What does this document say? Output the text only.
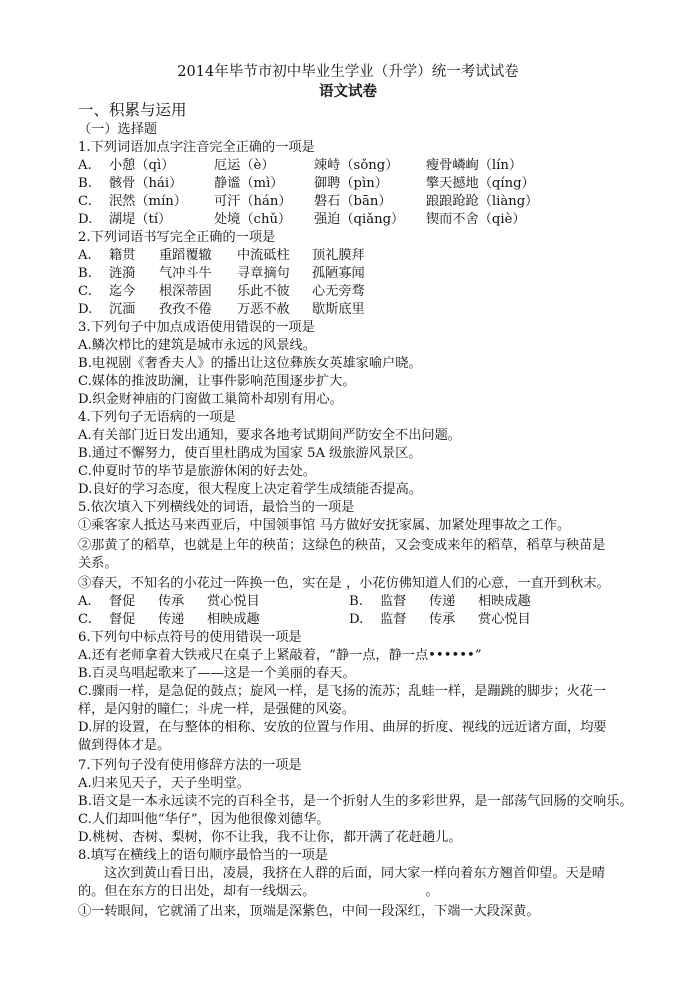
2014年毕节市初中毕业生学业（升学）统一考试试卷
语文试卷
一、积累与运用
（一）选择题
1.下列词语加点字注音完全正确的一项是
A.	小憩（qì）	厄运（è）	竦峙（sǒng）	瘦骨嶙峋（lín）
B.	骸骨（hái）	静谧（mì）	御聘（pìn）	擎天撼地（qíng）
C.	泯然（mín）	可汗（hán）	磐石（bān）	踉踉跄跄（liàng）
D.	湖堤（tí）	处境（chǔ）	强迫（qiǎng）	锲而不舍（qiè）
2.下列词语书写完全正确的一项是
A.	籍贯	重蹈覆辙	中流砥柱	顶礼膜拜
B.	涟漪	气冲斗牛	寻章摘句	孤陋寡闻
C.	迄今	根深蒂固	乐此不彼	心无旁骛
D.	沉湎	孜孜不倦	万恶不赦	歇斯底里
3.下列句子中加点成语使用错误的一项是
A.鳞次栉比的建筑是城市永远的风景线。
B.电视剧《奢香夫人》的播出让这位彝族女英雄家喻户晓。
C.媒体的推波助澜，让事件影响范围逐步扩大。
D.织金财神庙的门窗做工巢简朴却别有用心。
4.下列句子无语病的一项是
A.有关部门近日发出通知，要求各地考试期间严防安全不出问题。
B.通过不懈努力，使百里杜鹃成为国家 5A 级旅游风景区。
C.仲夏时节的毕节是旅游休闲的好去处。
D.良好的学习态度，很大程度上决定着学生成绩能否提高。
5.依次填入下列横线处的词语，最恰当的一项是
①乘客家人抵达马来西亚后，中国领事馆 马方做好安抚家属、加紧处理事故之工作。
②那黄了的稻草，也就是上年的秧苗；这绿色的秧苗，又会变成来年的稻草，稻草与秧苗是
关系。
③春天，不知名的小花过一阵换一色，实在是 ，小花仿佛知道人们的心意，一直开到秋末。
A.	督促	传承	赏心悦目	B.	监督	传递	相映成趣
C.	督促	传递	相映成趣	D.	监督	传承	赏心悦目
6.下列句中标点符号的使用错误一项是
A.还有老师拿着大铁戒尺在桌子上紧敲着，“静一点，静一点••••••”
B.百灵鸟唱起歌来了——这是一个美丽的春天。
C.骤雨一样，是急促的鼓点；旋风一样，是飞扬的流苏；乱蛙一样，是蹦跳的脚步；火花一
样，是闪射的瞳仁；斗虎一样，是强健的风姿。
D.屏的设置，在与整体的相称、安放的位置与作用、曲屏的折度、视线的远近诸方面，均要
做到得体才是。
7.下列句子没有使用修辞方法的一项是
A.归来见天子，天子坐明堂。
B.语文是一本永远读不完的百科全书，是一个折射人生的多彩世界，是一部荡气回肠的交响乐。
C.人们却叫他“华仔”，因为他很像刘德华。
D.桃树、杏树、梨树，你不让我，我不让你，都开满了花赶趟儿。
8.填写在横线上的语句顺序最恰当的一项是
这次到黄山看日出，凌晨，我挤在人群的后面，同大家一样向着东方翘首仰望。天是晴
的。但在东方的日出处，却有一线烟云。	。
①一转眼间，它就涌了出来，顶端是深紫色，中间一段深红，下端一大段深黄。
